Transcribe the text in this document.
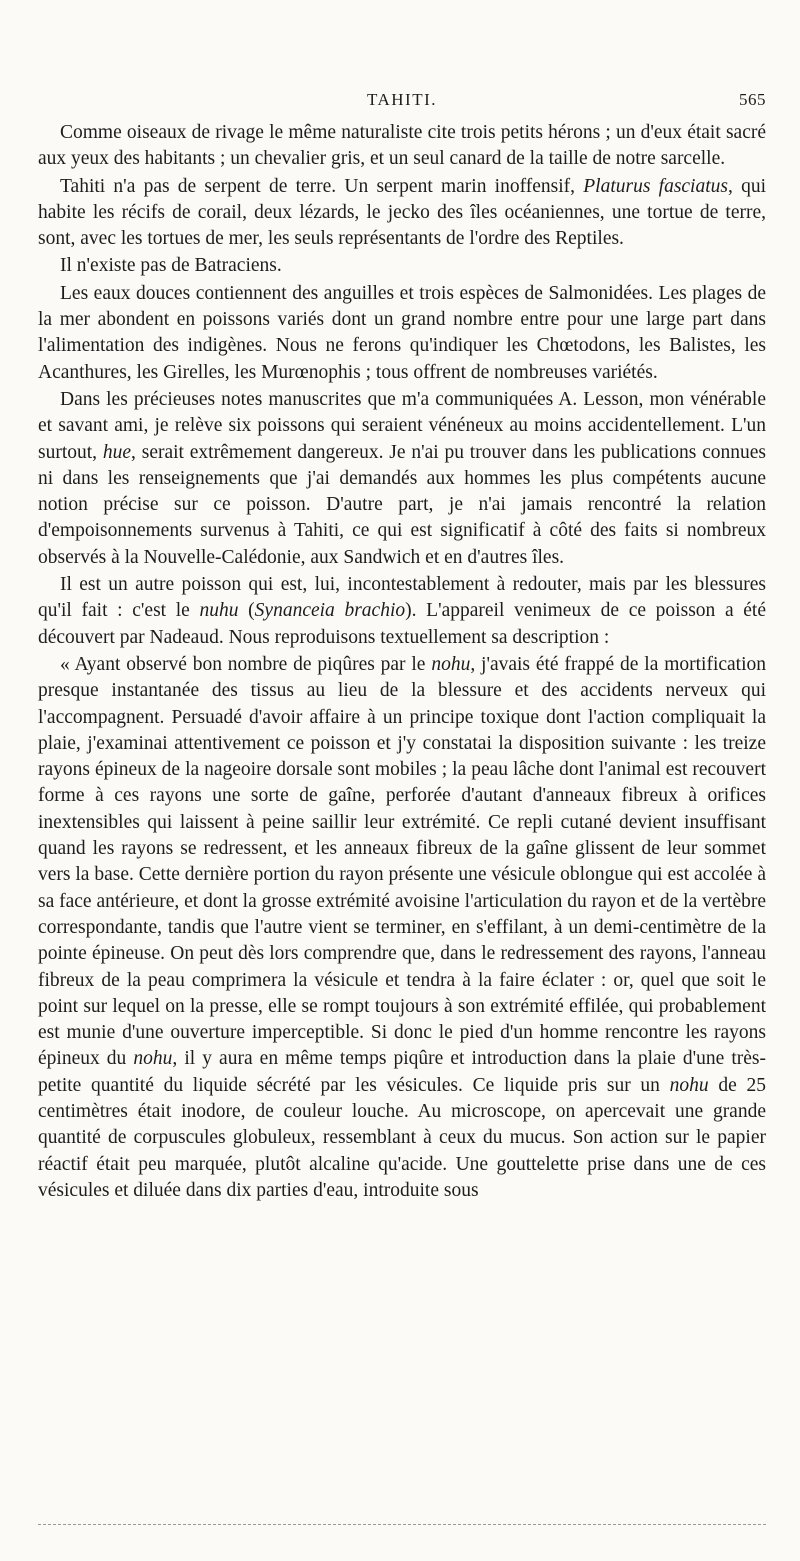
TAHITI.	565

Comme oiseaux de rivage le même naturaliste cite trois petits hérons ; un d'eux était sacré aux yeux des habitants ; un chevalier gris, et un seul canard de la taille de notre sarcelle.

Tahiti n'a pas de serpent de terre. Un serpent marin inoffensif, Platurus fasciatus, qui habite les récifs de corail, deux lézards, le jecko des îles océaniennes, une tortue de terre, sont, avec les tortues de mer, les seuls représentants de l'ordre des Reptiles.

Il n'existe pas de Batraciens.

Les eaux douces contiennent des anguilles et trois espèces de Salmonidées. Les plages de la mer abondent en poissons variés dont un grand nombre entre pour une large part dans l'alimentation des indigènes. Nous ne ferons qu'indiquer les Chœtodons, les Balistes, les Acanthures, les Girelles, les Murœnophis ; tous offrent de nombreuses variétés.

Dans les précieuses notes manuscrites que m'a communiquées A. Lesson, mon vénérable et savant ami, je relève six poissons qui seraient vénéneux au moins accidentellement. L'un surtout, hue, serait extrêmement dangereux. Je n'ai pu trouver dans les publications connues ni dans les renseignements que j'ai demandés aux hommes les plus compétents aucune notion précise sur ce poisson. D'autre part, je n'ai jamais rencontré la relation d'empoisonnements survenus à Tahiti, ce qui est significatif à côté des faits si nombreux observés à la Nouvelle-Calédonie, aux Sandwich et en d'autres îles.

Il est un autre poisson qui est, lui, incontestablement à redouter, mais par les blessures qu'il fait : c'est le nuhu (Synanceia brachio). L'appareil venimeux de ce poisson a été découvert par Nadeaud. Nous reproduisons textuellement sa description :

« Ayant observé bon nombre de piqûres par le nohu, j'avais été frappé de la mortification presque instantanée des tissus au lieu de la blessure et des accidents nerveux qui l'accompagnent. Persuadé d'avoir affaire à un principe toxique dont l'action compliquait la plaie, j'examinai attentivement ce poisson et j'y constatai la disposition suivante : les treize rayons épineux de la nageoire dorsale sont mobiles ; la peau lâche dont l'animal est recouvert forme à ces rayons une sorte de gaîne, perforée d'autant d'anneaux fibreux à orifices inextensibles qui laissent à peine saillir leur extrémité. Ce repli cutané devient insuffisant quand les rayons se redressent, et les anneaux fibreux de la gaîne glissent de leur sommet vers la base. Cette dernière portion du rayon présente une vésicule oblongue qui est accolée à sa face antérieure, et dont la grosse extrémité avoisine l'articulation du rayon et de la vertèbre correspondante, tandis que l'autre vient se terminer, en s'effilant, à un demi-centimètre de la pointe épineuse. On peut dès lors comprendre que, dans le redressement des rayons, l'anneau fibreux de la peau comprimera la vésicule et tendra à la faire éclater : or, quel que soit le point sur lequel on la presse, elle se rompt toujours à son extrémité effilée, qui probablement est munie d'une ouverture imperceptible. Si donc le pied d'un homme rencontre les rayons épineux du nohu, il y aura en même temps piqûre et introduction dans la plaie d'une très-petite quantité du liquide sécrété par les vésicules. Ce liquide pris sur un nohu de 25 centimètres était inodore, de couleur louche. Au microscope, on apercevait une grande quantité de corpuscules globuleux, ressemblant à ceux du mucus. Son action sur le papier réactif était peu marquée, plutôt alcaline qu'acide. Une gouttelette prise dans une de ces vésicules et diluée dans dix parties d'eau, introduite sous
